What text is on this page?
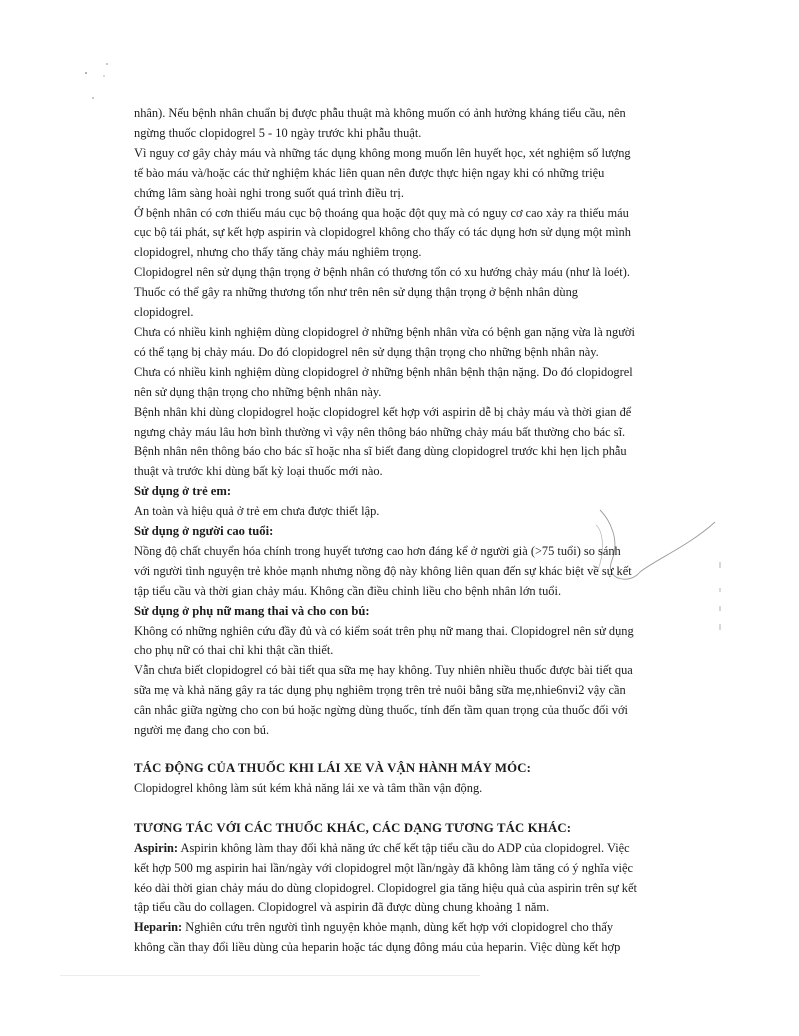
nhân). Nếu bệnh nhân chuẩn bị được phẫu thuật mà không muốn có ảnh hưởng kháng tiểu cầu, nên
ngừng thuốc clopidogrel 5 - 10 ngày trước khi phẫu thuật.

Vì nguy cơ gây chảy máu và những tác dụng không mong muốn lên huyết học, xét nghiệm số lượng
tế bào máu và/hoặc các thử nghiệm khác liên quan nên được thực hiện ngay khi có những triệu
chứng lâm sàng hoài nghi trong suốt quá trình điều trị.

Ở bệnh nhân có cơn thiếu máu cục bộ thoáng qua hoặc đột quỵ mà có nguy cơ cao xảy ra thiếu máu
cục bộ tái phát, sự kết hợp aspirin và clopidogrel không cho thấy có tác dụng hơn sử dụng một mình
clopidogrel, nhưng cho thấy tăng chảy máu nghiêm trọng.

Clopidogrel nên sử dụng thận trọng ở bệnh nhân có thương tổn có xu hướng chảy máu (như là loét).
Thuốc có thể gây ra những thương tổn như trên nên sử dụng thận trọng ở bệnh nhân dùng
clopidogrel.

Chưa có nhiều kinh nghiệm dùng clopidogrel ở những bệnh nhân vừa có bệnh gan nặng vừa là người
có thể tạng bị chảy máu. Do đó clopidogrel nên sử dụng thận trọng cho những bệnh nhân này.

Chưa có nhiều kinh nghiệm dùng clopidogrel ở những bệnh nhân bệnh thận nặng. Do đó clopidogrel
nên sử dụng thận trọng cho những bệnh nhân này.

Bệnh nhân khi dùng clopidogrel hoặc clopidogrel kết hợp với aspirin dễ bị chảy máu và thời gian để
ngưng chảy máu lâu hơn bình thường vì vậy nên thông báo những chảy máu bất thường cho bác sĩ.

Bệnh nhân nên thông báo cho bác sĩ hoặc nha sĩ biết đang dùng clopidogrel trước khi hẹn lịch phẫu
thuật và trước khi dùng bất kỳ loại thuốc mới nào.

Sử dụng ở trẻ em:

An toàn và hiệu quả ở trẻ em chưa được thiết lập.

Sử dụng ở người cao tuổi:

Nồng độ chất chuyển hóa chính trong huyết tương cao hơn đáng kể ở người già (>75 tuổi) so sánh
với người tình nguyện trẻ khỏe mạnh nhưng nồng độ này không liên quan đến sự khác biệt về sự kết
tập tiểu cầu và thời gian chảy máu. Không cần điều chỉnh liều cho bệnh nhân lớn tuổi.

Sử dụng ở phụ nữ mang thai và cho con bú:

Không có những nghiên cứu đầy đủ và có kiểm soát trên phụ nữ mang thai. Clopidogrel nên sử dụng
cho phụ nữ có thai chỉ khi thật cần thiết.

Vẫn chưa biết clopidogrel có bài tiết qua sữa mẹ hay không. Tuy nhiên nhiều thuốc được bài tiết qua
sữa mẹ và khả năng gây ra tác dụng phụ nghiêm trọng trên trẻ nuôi bằng sữa mẹ,nhie6nvi2 vậy cần
cân nhắc giữa ngừng cho con bú hoặc ngừng dùng thuốc, tính đến tầm quan trọng của thuốc đối với
người mẹ đang cho con bú.

TÁC ĐỘNG CỦA THUỐC KHI LÁI XE VÀ VẬN HÀNH MÁY MÓC:

Clopidogrel không làm sút kém khả năng lái xe và tâm thần vận động.

TƯƠNG TÁC VỚI CÁC THUỐC KHÁC, CÁC DẠNG TƯƠNG TÁC KHÁC:

Aspirin: Aspirin không làm thay đổi khả năng ức chế kết tập tiểu cầu do ADP của clopidogrel. Việc
kết hợp 500 mg aspirin hai lần/ngày với clopidogrel một lần/ngày đã không làm tăng có ý nghĩa việc
kéo dài thời gian chảy máu do dùng clopidogrel. Clopidogrel gia tăng hiệu quả của aspirin trên sự kết
tập tiểu cầu do collagen. Clopidogrel và aspirin đã được dùng chung khoảng 1 năm.

Heparin: Nghiên cứu trên người tình nguyện khỏe mạnh, dùng kết hợp với clopidogrel cho thấy
không cần thay đổi liều dùng của heparin hoặc tác dụng đông máu của heparin. Việc dùng kết hợp
